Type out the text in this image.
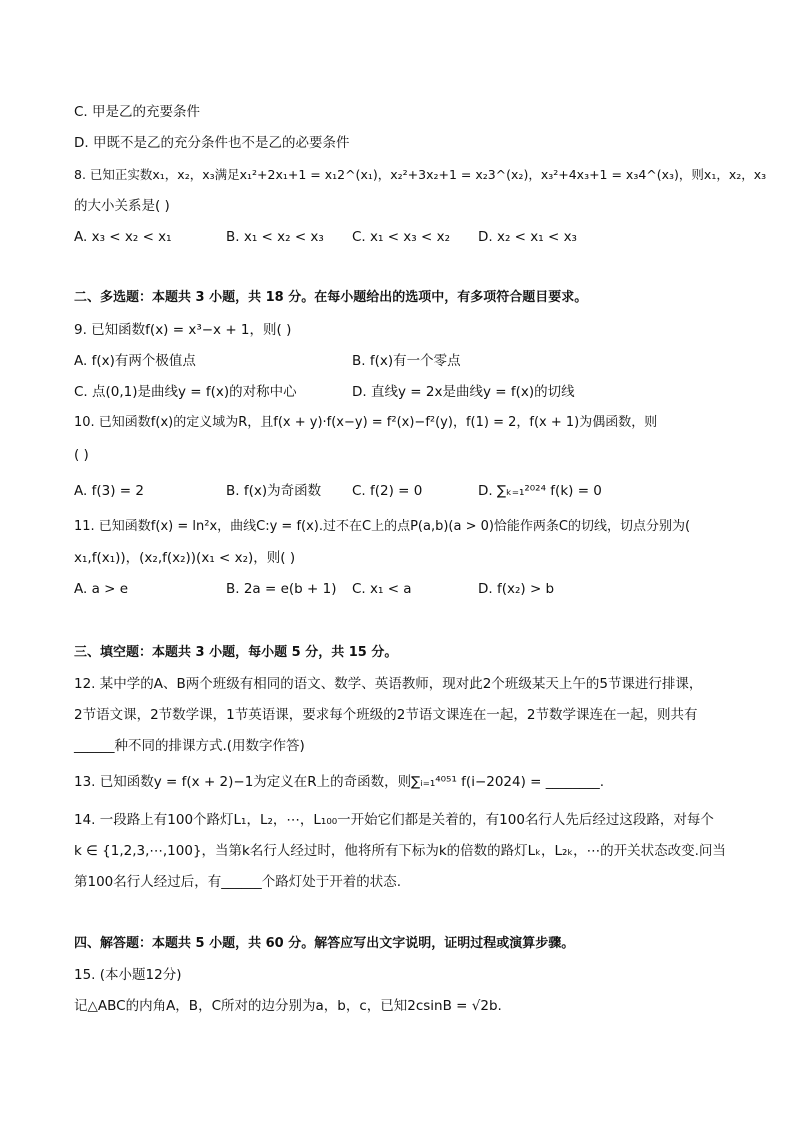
C. 甲是乙的充要条件
D. 甲既不是乙的充分条件也不是乙的必要条件
8. 已知正实数x₁，x₂，x₃满足x₁²+2x₁+1 = x₁2^(x₁)，x₂²+3x₂+1 = x₂3^(x₂)，x₃²+4x₃+1 = x₃4^(x₃)，则x₁，x₂，x₃
的大小关系是( )
A. x₃ < x₂ < x₁	B. x₁ < x₂ < x₃ C. x₁ < x₃ < x₂ D. x₂ < x₁ < x₃
二、多选题：本题共 3 小题，共 18 分。在每小题给出的选项中，有多项符合题目要求。
9. 已知函数f(x) = x³−x + 1，则( )
A. f(x)有两个极值点	B. f(x)有一个零点
C. 点(0,1)是曲线y = f(x)的对称中心	D. 直线y = 2x是曲线y = f(x)的切线
10. 已知函数f(x)的定义域为R，且f(x + y)·f(x−y) = f²(x)−f²(y)，f(1) = 2，f(x + 1)为偶函数，则
( )
A. f(3) = 2	B. f(x)为奇函数 C. f(2) = 0	D. ∑ₖ₌₁²⁰²⁴ f(k) = 0
11. 已知函数f(x) = ln²x，曲线C:y = f(x).过不在C上的点P(a,b)(a > 0)恰能作两条C的切线，切点分别为(
x₁,f(x₁))，(x₂,f(x₂))(x₁ < x₂)，则( )
A. a > e	B. 2a = e(b + 1) C. x₁ < a	D. f(x₂) > b
三、填空题：本题共 3 小题，每小题 5 分，共 15 分。
12. 某中学的A、B两个班级有相同的语文、数学、英语教师，现对此2个班级某天上午的5节课进行排课，
2节语文课，2节数学课，1节英语课，要求每个班级的2节语文课连在一起，2节数学课连在一起，则共有
______种不同的排课方式.(用数字作答)
13. 已知函数y = f(x + 2)−1为定义在R上的奇函数，则∑ᵢ₌₁⁴⁰⁵¹ f(i−2024) = ________.
14. 一段路上有100个路灯L₁，L₂，⋯，L₁₀₀一开始它们都是关着的，有100名行人先后经过这段路，对每个
k ∈ {1,2,3,⋯,100}，当第k名行人经过时，他将所有下标为k的倍数的路灯Lₖ，L₂ₖ，⋯的开关状态改变.问当
第100名行人经过后，有______个路灯处于开着的状态.
四、解答题：本题共 5 小题，共 60 分。解答应写出文字说明，证明过程或演算步骤。
15. (本小题12分)
记△ABC的内角A，B，C所对的边分别为a，b，c，已知2csinB = √2b.
